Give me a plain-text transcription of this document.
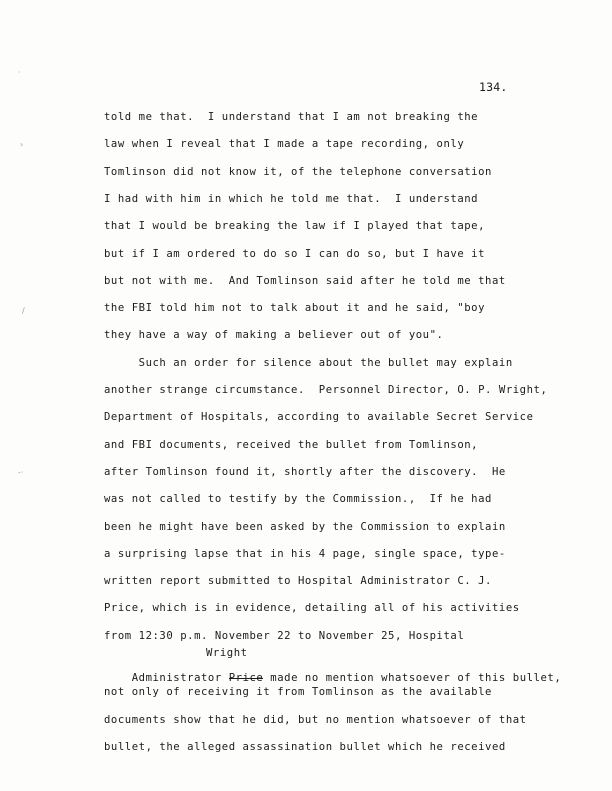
134.
told me that.  I understand that I am not breaking the
law when I reveal that I made a tape recording, only
Tomlinson did not know it, of the telephone conversation
I had with him in which he told me that.  I understand
that I would be breaking the law if I played that tape,
but if I am ordered to do so I can do so, but I have it
but not with me.  And Tomlinson said after he told me that
the FBI told him not to talk about it and he said, "boy
they have a way of making a believer out of you".
Such an order for silence about the bullet may explain
another strange circumstance.  Personnel Director, O. P. Wright,
Department of Hospitals, according to available Secret Service
and FBI documents, received the bullet from Tomlinson,
after Tomlinson found it, shortly after the discovery.  He
was not called to testify by the Commission.,  If he had
been he might have been asked by the Commission to explain
a surprising lapse that in his 4 page, single space, type-
written report submitted to Hospital Administrator C. J.
Price, which is in evidence, detailing all of his activities
from 12:30 p.m. November 22 to November 25, Hospital
Wright

Administrator Price made no mention whatsoever of this bullet,

not only of receiving it from Tomlinson as the available
documents show that he did, but no mention whatsoever of that
bullet, the alleged assassination bullet which he received
·
›
∕
-·
